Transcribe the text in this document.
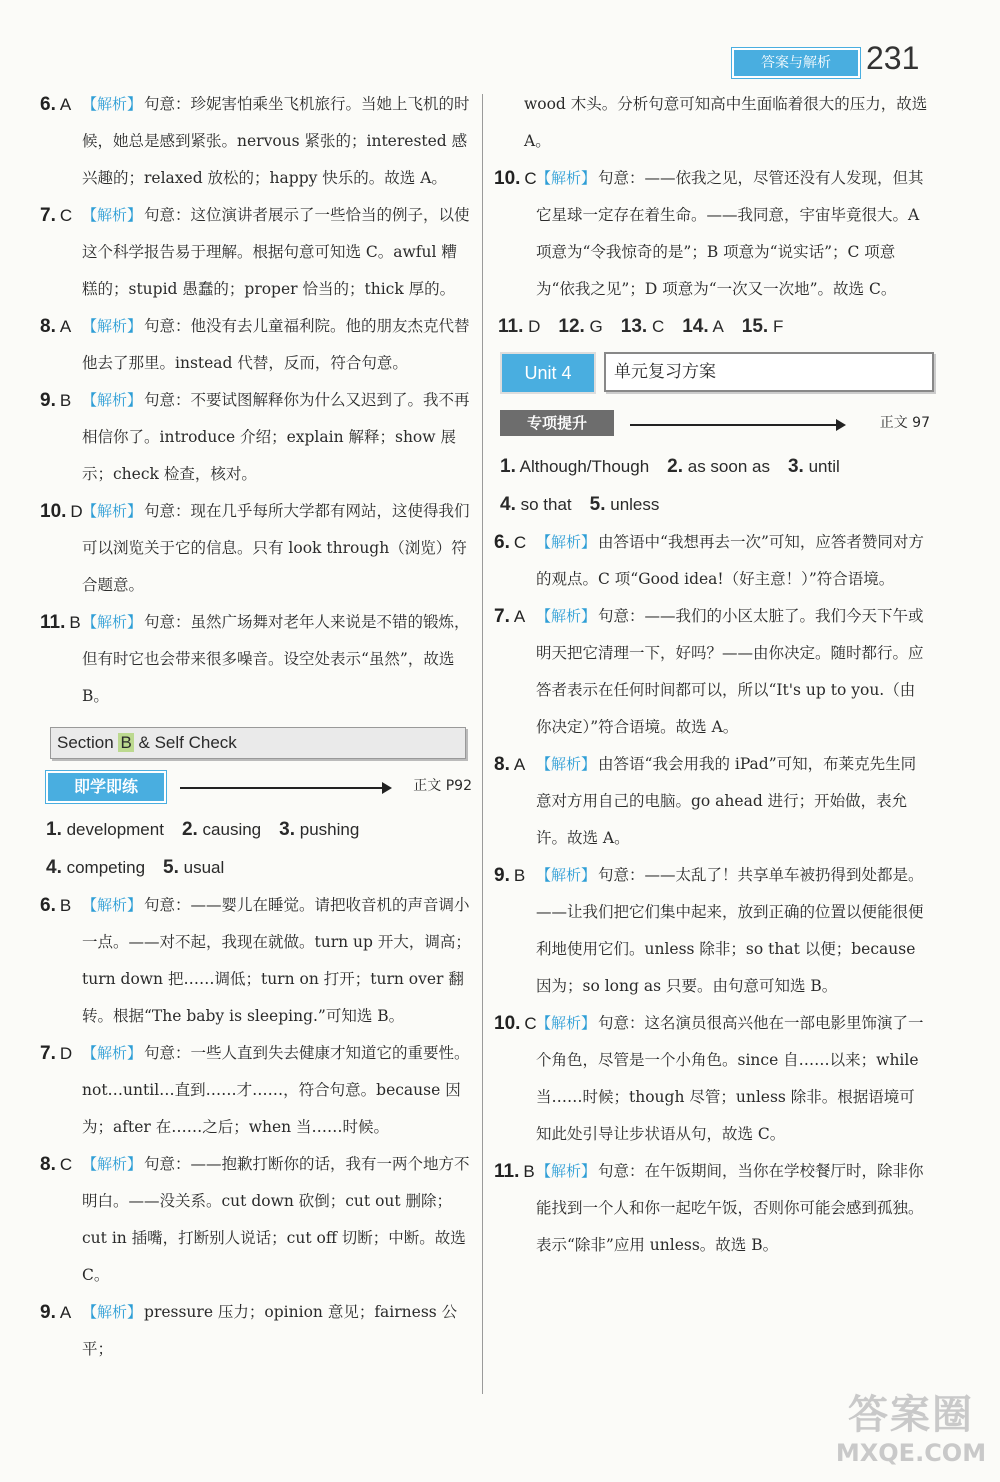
答案与解析	231

6. A 【解析】 句意：珍妮害怕乘坐飞机旅行。当她上飞机的时候，她总是感到紧张。nervous 紧张的；interested 感兴趣的；relaxed 放松的；happy 快乐的。故选 A。

7. C 【解析】 句意：这位演讲者展示了一些恰当的例子，以使这个科学报告易于理解。根据句意可知选 C。awful 糟糕的；stupid 愚蠢的；proper 恰当的；thick 厚的。

8. A 【解析】 句意：他没有去儿童福利院。他的朋友杰克代替他去了那里。instead 代替，反而，符合句意。

9. B 【解析】 句意：不要试图解释你为什么又迟到了。我不再相信你了。introduce 介绍；explain 解释；show 展示；check 检查，核对。

10. D 【解析】 句意：现在几乎每所大学都有网站，这使得我们可以浏览关于它的信息。只有 look through（浏览）符合题意。

11. B 【解析】 句意：虽然广场舞对老年人来说是不错的锻炼，但有时它也会带来很多噪音。设空处表示“虽然”，故选 B。

Section B & Self Check
即学即练	正文 P92
1. development 2. causing 3. pushing
4. competing 5. usual

6. B 【解析】 句意：——婴儿在睡觉。请把收音机的声音调小一点。——对不起，我现在就做。turn up 开大，调高；turn down 把……调低；turn on 打开；turn over 翻转。根据“The baby is sleeping.”可知选 B。

7. D 【解析】 句意：一些人直到失去健康才知道它的重要性。not…until…直到……才……，符合句意。because 因为；after 在……之后；when 当……时候。

8. C 【解析】 句意：——抱歉打断你的话，我有一两个地方不明白。——没关系。cut down 砍倒；cut out 删除；cut in 插嘴，打断别人说话；cut off 切断；中断。故选 C。

9. A 【解析】 pressure 压力；opinion 意见；fairness 公平；

wood 木头。分析句意可知高中生面临着很大的压力，故选 A。

10. C 【解析】 句意：——依我之见，尽管还没有人发现，但其它星球一定存在着生命。——我同意，宇宙毕竟很大。A 项意为“令我惊奇的是”；B 项意为“说实话”；C 项意为“依我之见”；D 项意为“一次又一次地”。故选 C。

11. D 12. G 13. C 14. A 15. F
Unit 4	单元复习方案
专项提升	正文 97
1. Although/Though 2. as soon as 3. until
4. so that 5. unless

6. C 【解析】 由答语中“我想再去一次”可知，应答者赞同对方的观点。C 项“Good idea!（好主意！）”符合语境。

7. A 【解析】 句意：——我们的小区太脏了。我们今天下午或明天把它清理一下，好吗？——由你决定。随时都行。应答者表示在任何时间都可以，所以“It's up to you.（由你决定）”符合语境。故选 A。

8. A 【解析】 由答语“我会用我的 iPad”可知，布莱克先生同意对方用自己的电脑。go ahead 进行；开始做，表允许。故选 A。

9. B 【解析】 句意：——太乱了！共享单车被扔得到处都是。——让我们把它们集中起来，放到正确的位置以便能很便利地使用它们。unless 除非；so that 以便；because 因为；so long as 只要。由句意可知选 B。

10. C 【解析】 句意：这名演员很高兴他在一部电影里饰演了一个角色，尽管是一个小角色。since 自……以来；while 当……时候；though 尽管；unless 除非。根据语境可知此处引导让步状语从句，故选 C。

11. B 【解析】 句意：在午饭期间，当你在学校餐厅时，除非你能找到一个人和你一起吃午饭，否则你可能会感到孤独。表示“除非”应用 unless。故选 B。

答案圈
MXQE.COM
